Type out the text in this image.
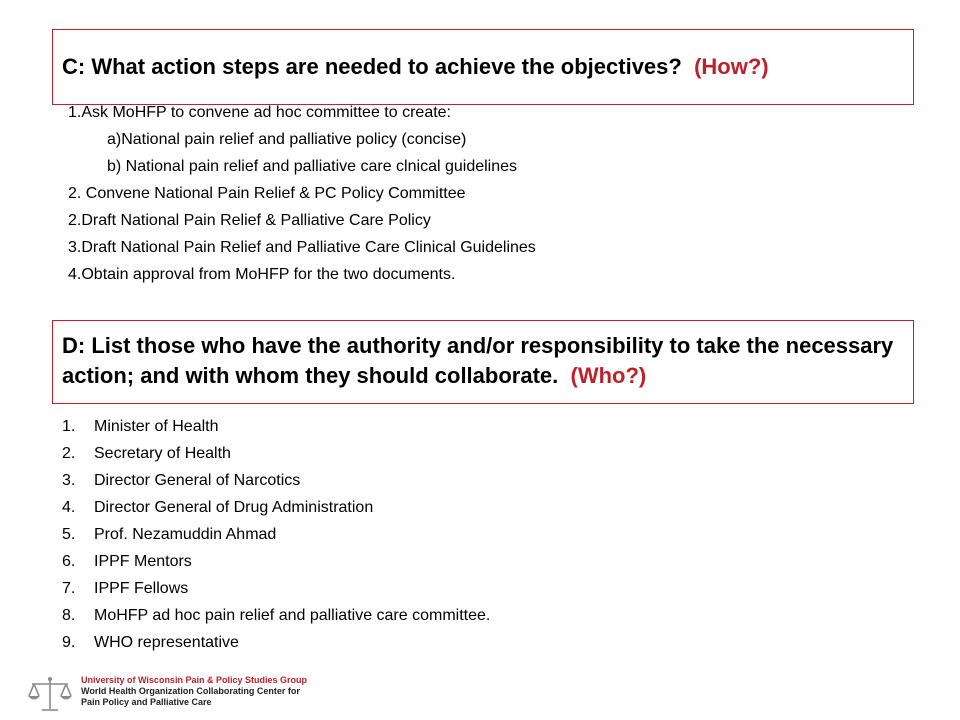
C: What action steps are needed to achieve the objectives? (How?)
1.Ask MoHFP to convene ad hoc committee to create:
a)National pain relief and palliative policy (concise)
b) National pain relief and palliative care clnical guidelines
2. Convene National Pain Relief & PC Policy Committee
2.Draft National Pain Relief & Palliative Care Policy
3.Draft National Pain Relief and Palliative Care Clinical Guidelines
4.Obtain approval from MoHFP for the two documents.
D: List those who have the authority and/or responsibility to take the necessary action; and with whom they should collaborate. (Who?)
1. Minister of Health
2. Secretary of Health
3. Director General of Narcotics
4. Director General of Drug Administration
5. Prof. Nezamuddin Ahmad
6. IPPF Mentors
7. IPPF Fellows
8. MoHFP ad hoc pain relief and palliative care committee.
9. WHO representative
University of Wisconsin Pain & Policy Studies Group
World Health Organization Collaborating Center for
Pain Policy and Palliative Care
